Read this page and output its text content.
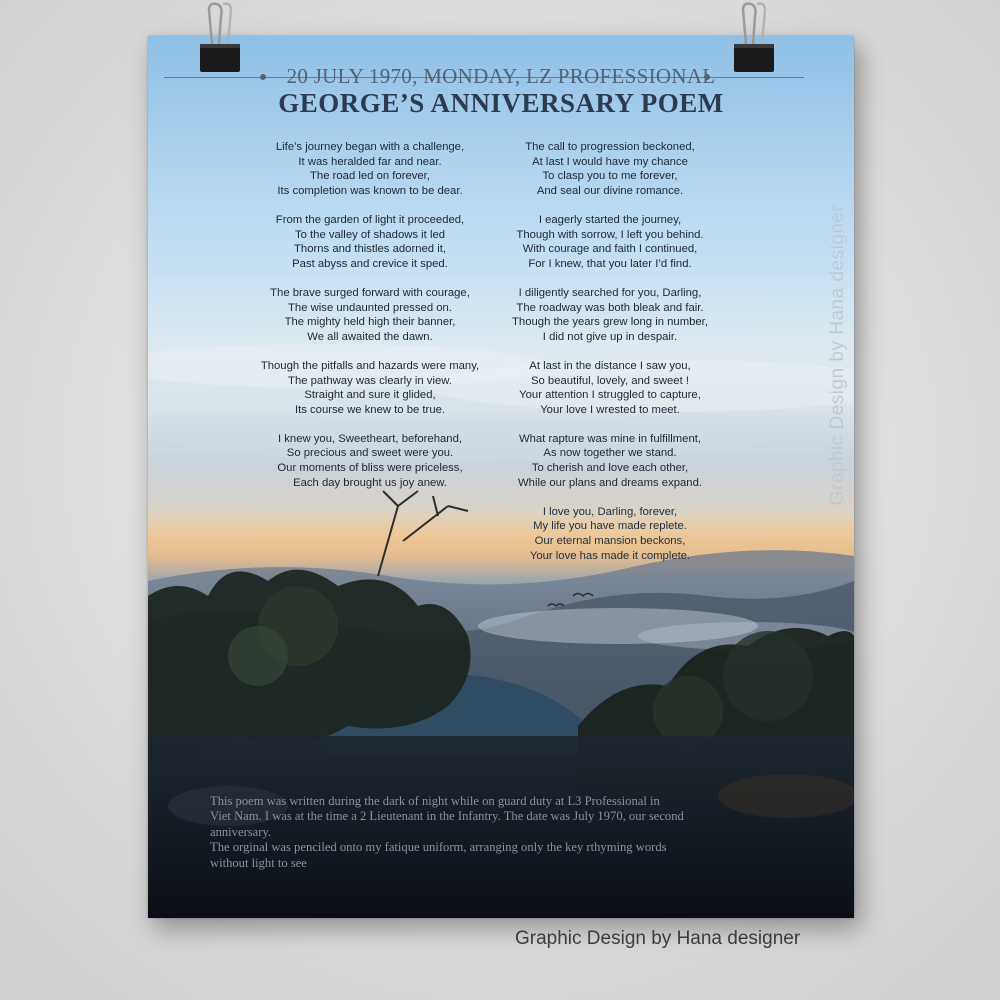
20 JULY 1970, MONDAY, LZ PROFESSIONAL
GEORGE’S ANNIVERSARY POEM
Life’s journey began with a challenge,
It was heralded far and near.
The road led on forever,
Its completion was known to be dear.
From the garden of light it proceeded,
To the valley of shadows it led
Thorns and thistles adorned it,
Past abyss and crevice it sped.
The brave surged forward with courage,
The wise undaunted pressed on.
The mighty held high their banner,
We all awaited the dawn.
Though the pitfalls and hazards were many,
The pathway was clearly in view.
Straight and sure it glided,
Its course we knew to be true.
I knew you, Sweetheart, beforehand,
So precious and sweet were you.
Our moments of bliss were priceless,
Each day brought us joy anew.
The call to progression beckoned,
At last I would have my chance
To clasp you to me forever,
And seal our divine romance.
I eagerly started the journey,
Though with sorrow, I left you behind.
With courage and faith I continued,
For I knew, that you later I’d find.
I diligently searched for you, Darling,
The roadway was both bleak and fair.
Though the years grew long in number,
I did not give up in despair.
At last in the distance I saw you,
So beautiful, lovely, and sweet !
Your attention I struggled to capture,
Your love I wrested to meet.
What rapture was mine in fulfillment,
As now together we stand.
To cherish and love each other,
While our plans and dreams expand.
I love you, Darling, forever,
My life you have made replete.
Our eternal mansion beckons,
Your love has made it complete.
This poem was written during the dark of night while on guard duty at L3 Professional in
Viet Nam. I was at the time a 2 Lieutenant in the Infantry. The date was July 1970, our second
anniversary.
The orginal was penciled onto my fatique uniform, arranging only the key rthyming words
without light to see
Graphic Design by Hana designer
Graphic Design by Hana designer
